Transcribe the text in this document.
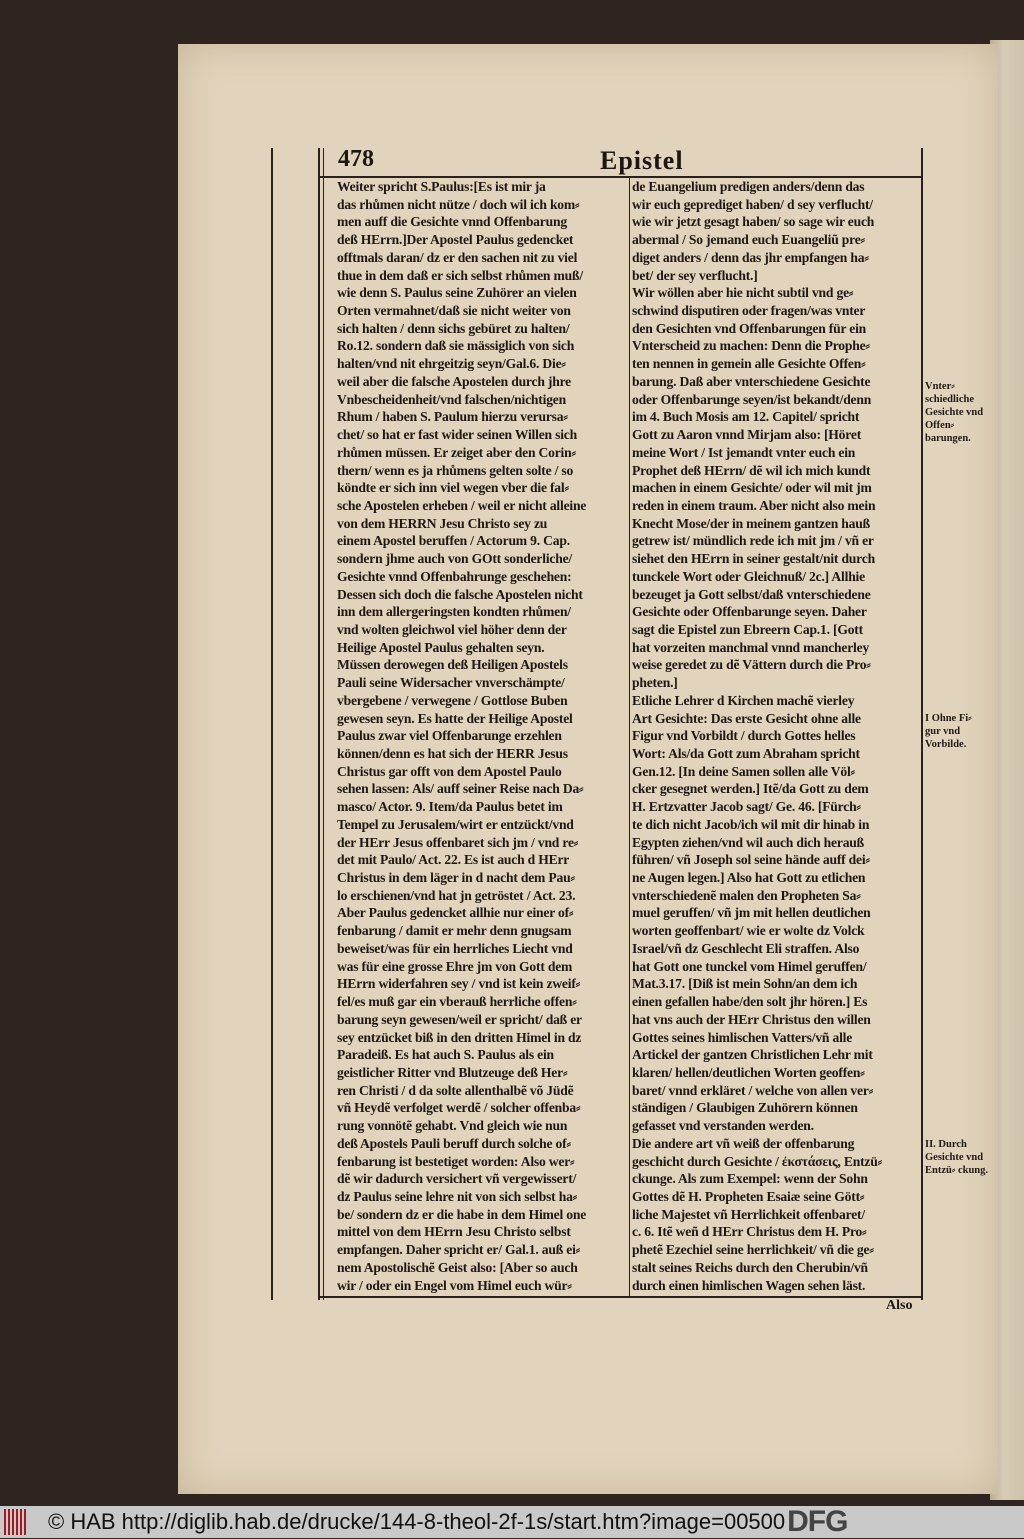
478	Epistel
Weiter spricht S.Paulus:[Es ist mir ja
das rhůmen nicht nütze / doch wil ich kom⸗
men auff die Gesichte vnnd Offenbarung
deß HErrn.]Der Apostel Paulus gedencket
offtmals daran/ dz er den sachen nit zu viel
thue in dem daß er sich selbst rhůmen muß/
wie denn S. Paulus seine Zuhörer an vielen
Orten vermahnet/daß sie nicht weiter von
sich halten / denn sichs gebüret zu halten/
Ro.12. sondern daß sie mässiglich von sich
halten/vnd nit ehrgeitzig seyn/Gal.6. Die⸗
weil aber die falsche Apostelen durch jhre
Vnbescheidenheit/vnd falschen/nichtigen
Rhum / haben S. Paulum hierzu verursa⸗
chet/ so hat er fast wider seinen Willen sich
rhůmen müssen. Er zeiget aber den Corin⸗
thern/ wenn es ja rhůmens gelten solte / so
köndte er sich inn viel wegen vber die fal⸗
sche Apostelen erheben / weil er nicht alleine
von dem HERRN Jesu Christo sey zu
einem Apostel beruffen / Actorum 9. Cap.
sondern jhme auch von GOtt sonderliche/
Gesichte vnnd Offenbahrunge geschehen:
Dessen sich doch die falsche Apostelen nicht
inn dem allergeringsten kondten rhůmen/
vnd wolten gleichwol viel höher denn der
Heilige Apostel Paulus gehalten seyn.
Müssen derowegen deß Heiligen Apostels
Pauli seine Widersacher vnverschämpte/
vbergebene / verwegene / Gottlose Buben
gewesen seyn. Es hatte der Heilige Apostel
Paulus zwar viel Offenbarunge erzehlen
können/denn es hat sich der HERR Jesus
Christus gar offt von dem Apostel Paulo
sehen lassen: Als/ auff seiner Reise nach Da⸗
masco/ Actor. 9. Item/da Paulus betet im
Tempel zu Jerusalem/wirt er entzückt/vnd
der HErr Jesus offenbaret sich jm / vnd re⸗
det mit Paulo/ Act. 22. Es ist auch d HErr
Christus in dem läger in d nacht dem Pau⸗
lo erschienen/vnd hat jn getröstet / Act. 23.
Aber Paulus gedencket allhie nur einer of⸗
fenbarung / damit er mehr denn gnugsam
beweiset/was für ein herrliches Liecht vnd
was für eine grosse Ehre jm von Gott dem
HErrn widerfahren sey / vnd ist kein zweif⸗
fel/es muß gar ein vberauß herrliche offen⸗
barung seyn gewesen/weil er spricht/ daß er
sey entzücket biß in den dritten Himel in dz
Paradeiß. Es hat auch S. Paulus als ein
geistlicher Ritter vnd Blutzeuge deß Her⸗
ren Christi / d da solte allenthalbẽ võ Jüdẽ
vñ Heydẽ verfolget werdẽ / solcher offenba⸗
rung vonnötẽ gehabt. Vnd gleich wie nun
deß Apostels Pauli beruff durch solche of⸗
fenbarung ist bestetiget worden: Also wer⸗
dẽ wir dadurch versichert vñ vergewissert/
dz Paulus seine lehre nit von sich selbst ha⸗
be/ sondern dz er die habe in dem Himel one
mittel von dem HErrn Jesu Christo selbst
empfangen. Daher spricht er/ Gal.1. auß ei⸗
nem Apostolischẽ Geist also: [Aber so auch
wir / oder ein Engel vom Himel euch wür⸗
de Euangelium predigen anders/denn das
wir euch geprediget haben/ d sey verflucht/
wie wir jetzt gesagt haben/ so sage wir euch
abermal / So jemand euch Euangeliũ pre⸗
diget anders / denn das jhr empfangen ha⸗
bet/ der sey verflucht.]
Wir wöllen aber hie nicht subtil vnd ge⸗
schwind disputiren oder fragen/was vnter
den Gesichten vnd Offenbarungen für ein
Vnterscheid zu machen: Denn die Prophe⸗
ten nennen in gemein alle Gesichte Offen⸗
barung. Daß aber vnterschiedene Gesichte
oder Offenbarunge seyen/ist bekandt/denn
im 4. Buch Mosis am 12. Capitel/ spricht
Gott zu Aaron vnnd Mirjam also: [Höret
meine Wort / Ist jemandt vnter euch ein
Prophet deß HErrn/ dẽ wil ich mich kundt
machen in einem Gesichte/ oder wil mit jm
reden in einem traum. Aber nicht also mein
Knecht Mose/der in meinem gantzen hauß
getrew ist/ mündlich rede ich mit jm / vñ er
siehet den HErrn in seiner gestalt/nit durch
tunckele Wort oder Gleichnuß/ 2c.] Allhie
bezeuget ja Gott selbst/daß vnterschiedene
Gesichte oder Offenbarunge seyen. Daher
sagt die Epistel zun Ebreern Cap.1. [Gott
hat vorzeiten manchmal vnnd mancherley
weise geredet zu dẽ Vättern durch die Pro⸗
pheten.]
Etliche Lehrer d Kirchen machẽ vierley
Art Gesichte: Das erste Gesicht ohne alle
Figur vnd Vorbildt / durch Gottes helles
Wort: Als/da Gott zum Abraham spricht
Gen.12. [In deine Samen sollen alle Völ⸗
cker gesegnet werden.] Itẽ/da Gott zu dem
H. Ertzvatter Jacob sagt/ Ge. 46. [Fürch⸗
te dich nicht Jacob/ich wil mit dir hinab in
Egypten ziehen/vnd wil auch dich herauß
führen/ vñ Joseph sol seine hände auff dei⸗
ne Augen legen.] Also hat Gott zu etlichen
vnterschiedenẽ malen den Propheten Sa⸗
muel geruffen/ vñ jm mit hellen deutlichen
worten geoffenbart/ wie er wolte dz Volck
Israel/vñ dz Geschlecht Eli straffen. Also
hat Gott one tunckel vom Himel geruffen/
Mat.3.17. [Diß ist mein Sohn/an dem ich
einen gefallen habe/den solt jhr hören.] Es
hat vns auch der HErr Christus den willen
Gottes seines himlischen Vatters/vñ alle
Artickel der gantzen Christlichen Lehr mit
klaren/ hellen/deutlichen Worten geoffen⸗
baret/ vnnd erkläret / welche von allen ver⸗
ständigen / Glaubigen Zuhörern können
gefasset vnd verstanden werden.
Die andere art vñ weiß der offenbarung
geschicht durch Gesichte / ἐκστάσεις, Entzü⸗
ckunge. Als zum Exempel: wenn der Sohn
Gottes dẽ H. Propheten Esaiæ seine Gött⸗
liche Majestet vñ Herrlichkeit offenbaret/
c. 6. Itẽ weñ d HErr Christus dem H. Pro⸗
phetẽ Ezechiel seine herrlichkeit/ vñ die ge⸗
stalt seines Reichs durch den Cherubin/vñ
durch einen himlischen Wagen sehen läst.
Vnter⸗ schiedliche Gesichte vnd Offen⸗ barungen.
I Ohne Fi⸗ gur vnd Vorbilde.
II. Durch Gesichte vnd Entzü⸗ ckung.
Also
© HAB http://diglib.hab.de/drucke/144-8-theol-2f-1s/start.htm?image=00500 DFG
